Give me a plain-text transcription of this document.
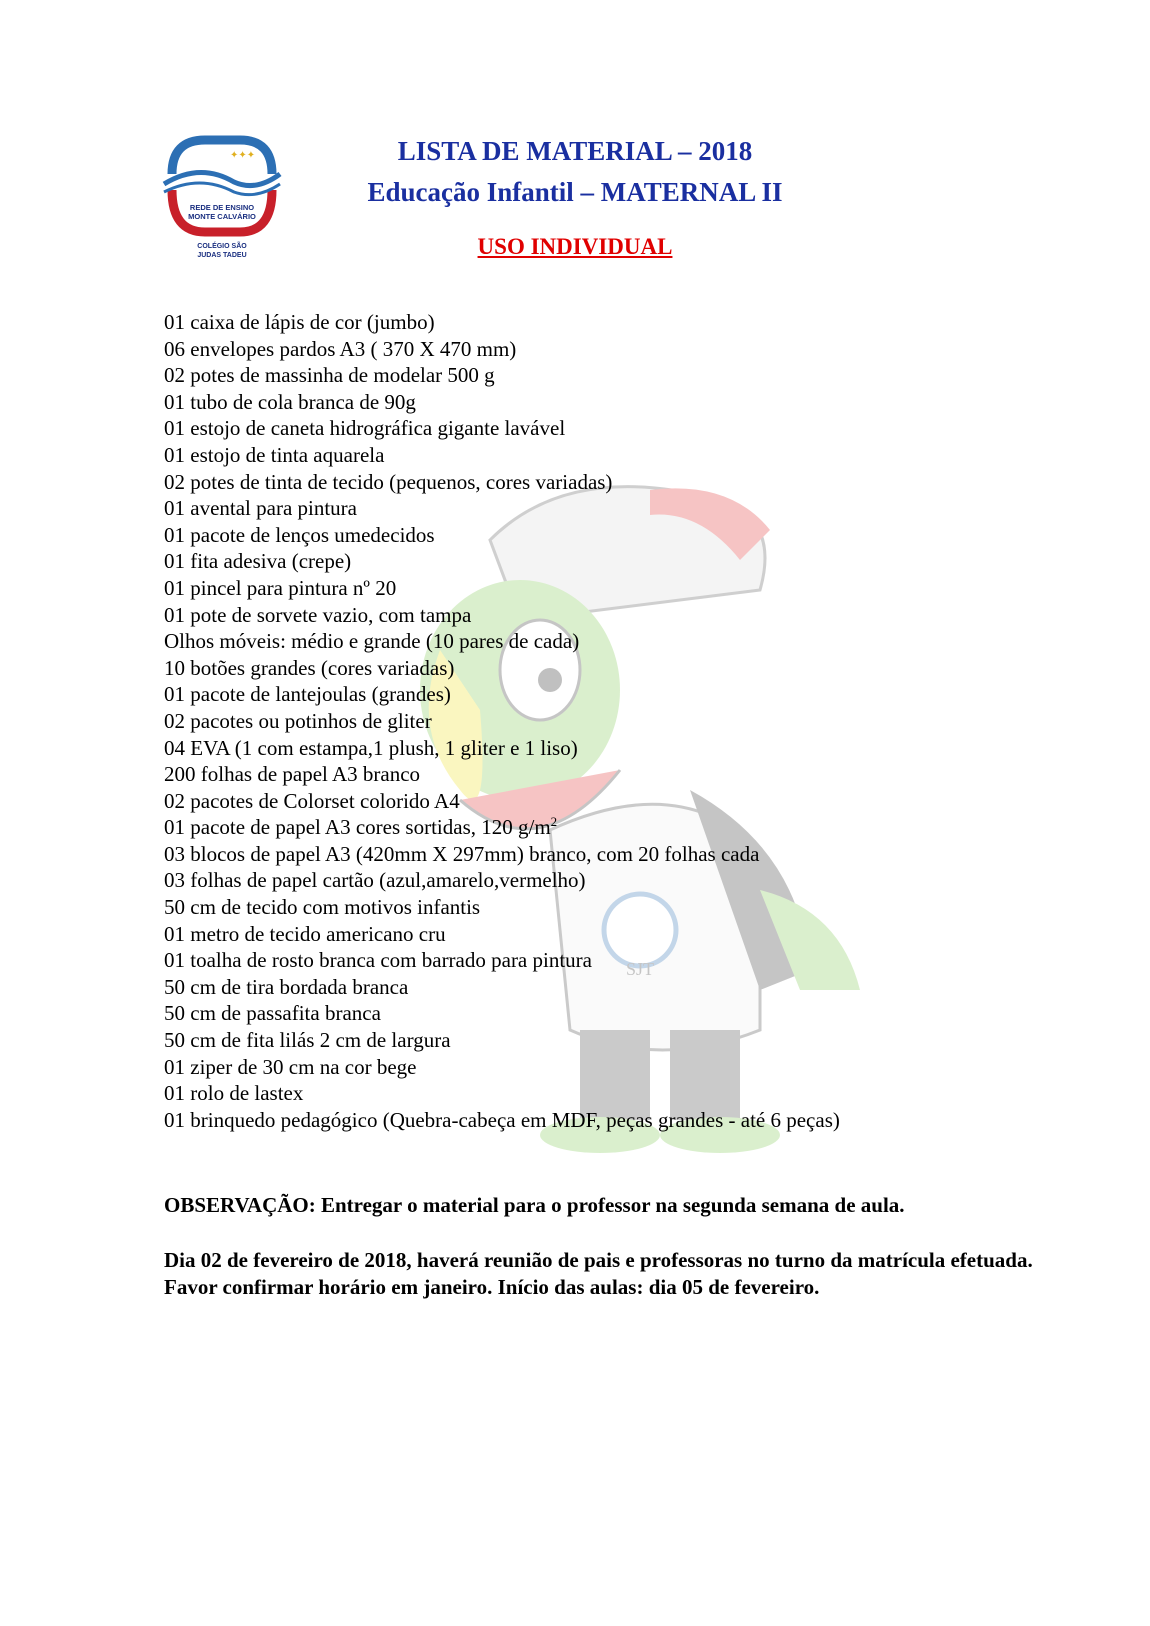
✦✦✦
REDE DE ENSINO
MONTE CALVÁRIO
COLÉGIO SÃO
JUDAS TADEU
SJT
LISTA DE MATERIAL – 2018
Educação Infantil – MATERNAL II
USO INDIVIDUAL
01 caixa de lápis de cor (jumbo)
06 envelopes pardos A3 ( 370 X 470 mm)
02 potes de massinha de modelar 500 g
01 tubo de cola branca de 90g
01 estojo de caneta hidrográfica gigante lavável
01 estojo de tinta aquarela
02 potes de tinta de tecido (pequenos, cores variadas)
01 avental para pintura
01 pacote de lenços umedecidos
01 fita adesiva (crepe)
01 pincel para pintura nº 20
01 pote de sorvete vazio, com tampa
Olhos móveis: médio e grande (10 pares de cada)
10 botões grandes (cores variadas)
01 pacote de lantejoulas (grandes)
02 pacotes ou potinhos de gliter
04 EVA (1 com estampa,1 plush, 1 gliter e 1 liso)
200 folhas de papel A3 branco
02 pacotes de Colorset colorido A4
01 pacote de papel A3 cores sortidas, 120 $g/m^2$
03 blocos de papel A3 (420mm X 297mm) branco, com 20 folhas cada
03 folhas de papel cartão (azul,amarelo,vermelho)
50 cm de tecido com motivos infantis
01 metro de tecido americano cru
01 toalha de rosto branca com barrado para pintura
50 cm de tira bordada branca
50 cm de passafita branca
50 cm de fita lilás 2 cm de largura
01 ziper de 30 cm na cor bege
01 rolo de lastex
01 brinquedo pedagógico (Quebra-cabeça em MDF, peças grandes - até 6 peças)
OBSERVAÇÃO: Entregar o material para o professor na segunda semana de aula.
Dia 02 de fevereiro de 2018, haverá reunião de pais e professoras no turno da matrícula efetuada. Favor confirmar horário em janeiro. Início das aulas: dia 05 de fevereiro.
